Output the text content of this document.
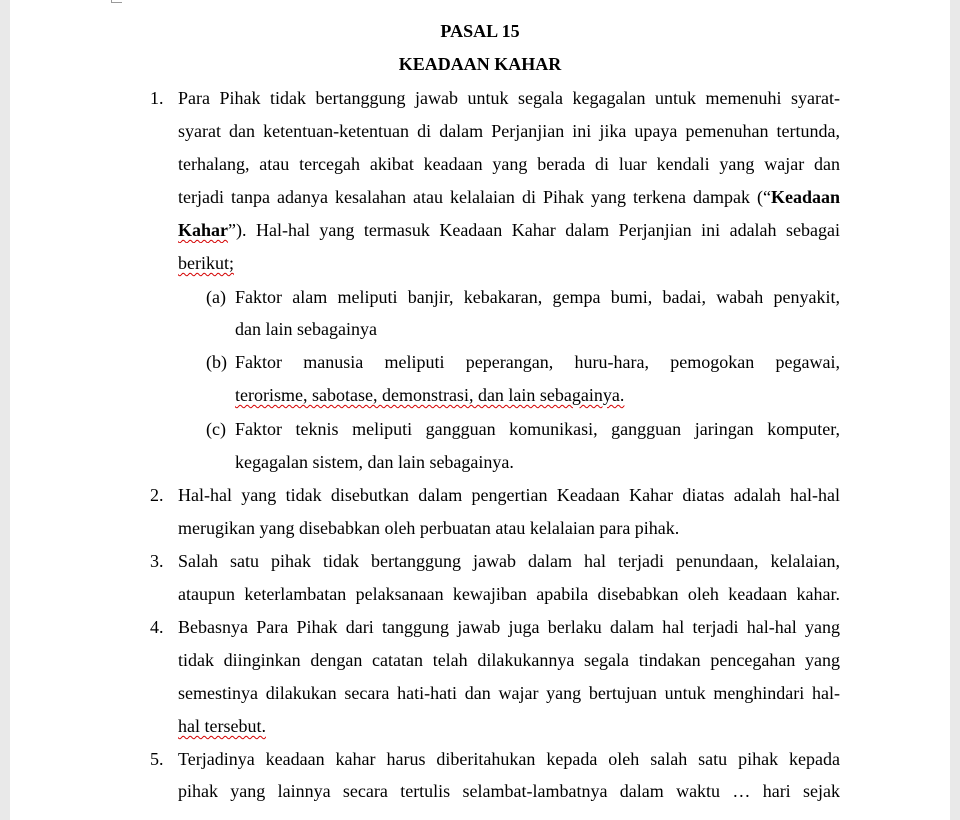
PASAL 15
KEADAAN KAHAR
1. Para Pihak tidak bertanggung jawab untuk segala kegagalan untuk memenuhi syarat-

syarat dan ketentuan-ketentuan di dalam Perjanjian ini jika upaya pemenuhan tertunda,

terhalang, atau tercegah akibat keadaan yang berada di luar kendali yang wajar dan

terjadi tanpa adanya kesalahan atau kelalaian di Pihak yang terkena dampak (“Keadaan

Kahar”). Hal-hal yang termasuk Keadaan Kahar dalam Perjanjian ini adalah sebagai

berikut;

(a) Faktor alam meliputi banjir, kebakaran, gempa bumi, badai, wabah penyakit,

dan lain sebagainya

(b) Faktor manusia meliputi peperangan, huru-hara, pemogokan pegawai,

terorisme, sabotase, demonstrasi, dan lain sebagainya.

(c) Faktor teknis meliputi gangguan komunikasi, gangguan jaringan komputer,

kegagalan sistem, dan lain sebagainya.

2. Hal-hal yang tidak disebutkan dalam pengertian Keadaan Kahar diatas adalah hal-hal

merugikan yang disebabkan oleh perbuatan atau kelalaian para pihak.

3. Salah satu pihak tidak bertanggung jawab dalam hal terjadi penundaan, kelalaian,

ataupun keterlambatan pelaksanaan kewajiban apabila disebabkan oleh keadaan kahar.

4. Bebasnya Para Pihak dari tanggung jawab juga berlaku dalam hal terjadi hal-hal yang

tidak diinginkan dengan catatan telah dilakukannya segala tindakan pencegahan yang

semestinya dilakukan secara hati-hati dan wajar yang bertujuan untuk menghindari hal-

hal tersebut.

5. Terjadinya keadaan kahar harus diberitahukan kepada oleh salah satu pihak kepada

pihak yang lainnya secara tertulis selambat-lambatnya dalam waktu … hari sejak
